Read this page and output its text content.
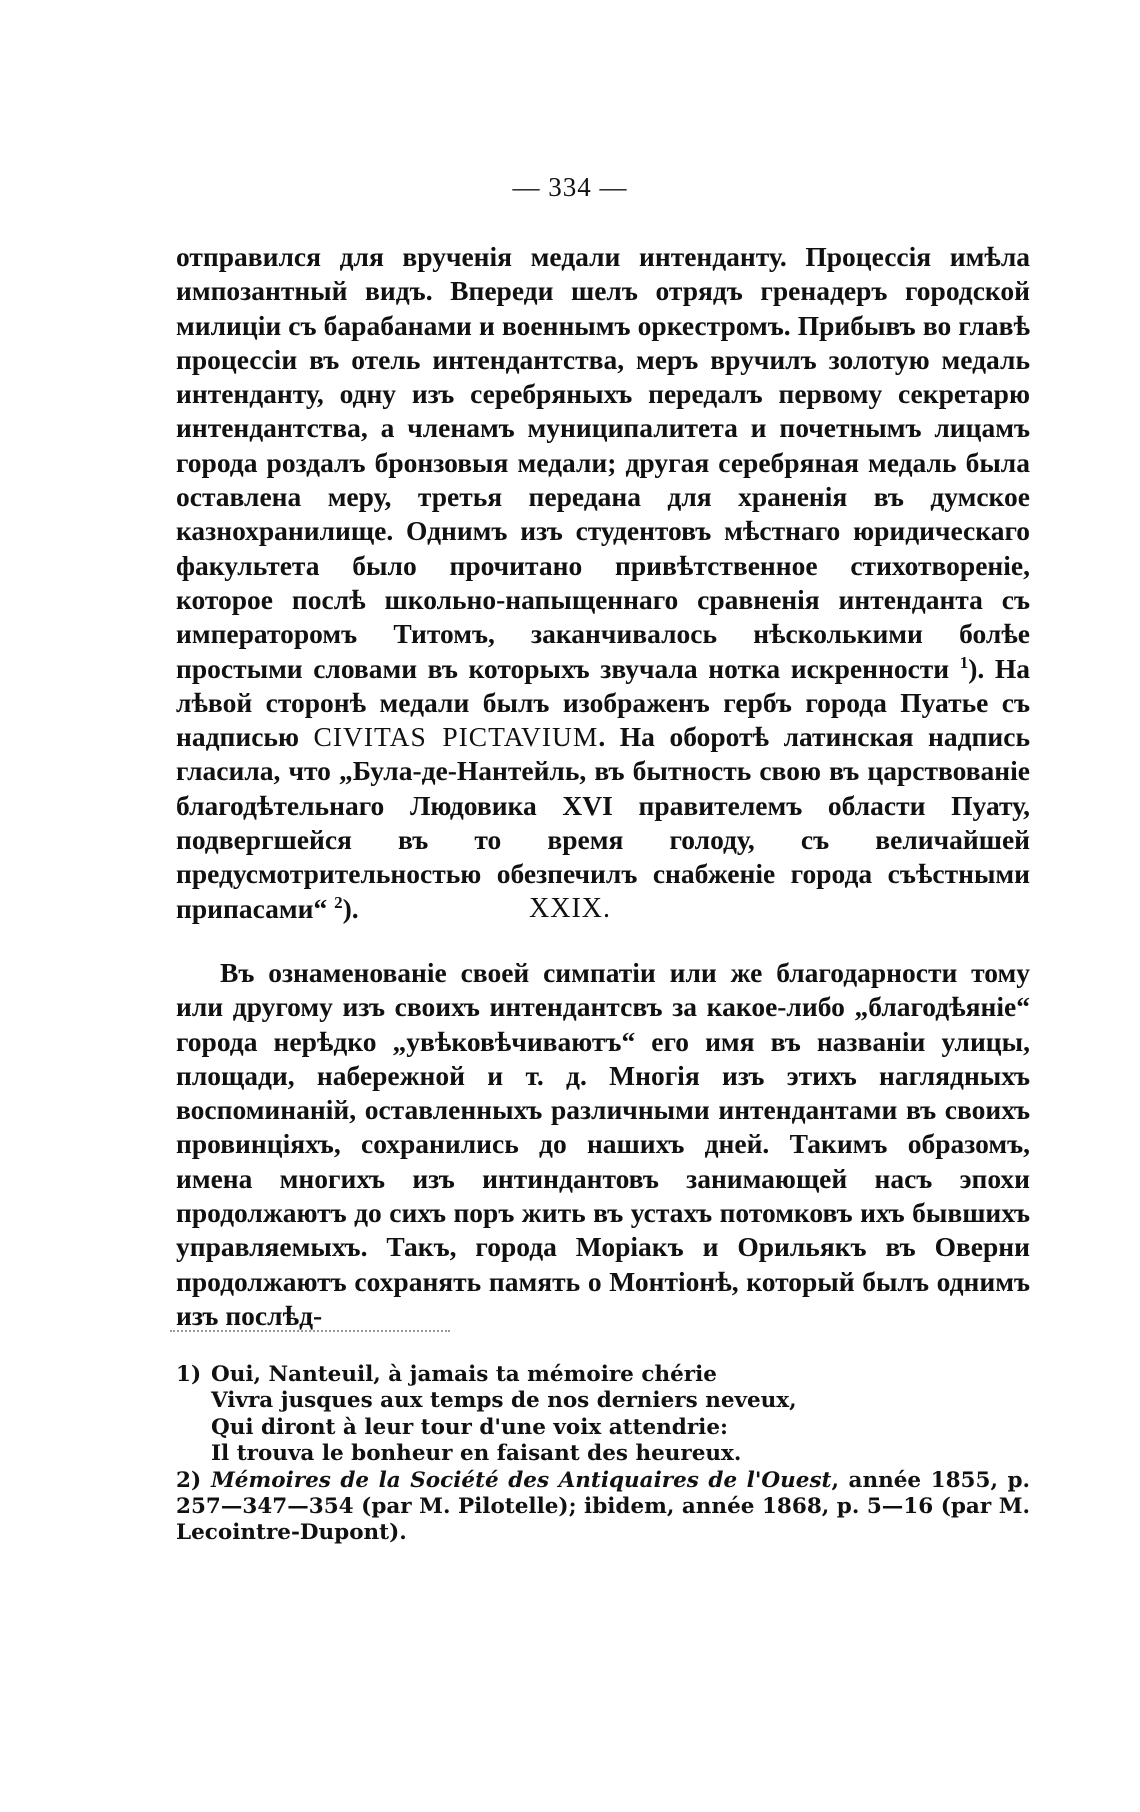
— 334 —

отправился для врученія медали интенданту. Процессія имѣла импозантный видъ. Впереди шелъ отрядъ гренадеръ городской милиціи съ барабанами и военнымъ оркестромъ. Прибывъ во главѣ процессіи въ отель интендантства, меръ вручилъ золотую медаль интенданту, одну изъ серебряныхъ передалъ первому секретарю интендантства, а членамъ муниципалитета и почетнымъ лицамъ города роздалъ бронзовыя медали; другая серебряная медаль была оставлена меру, третья передана для храненія въ думское казнохранилище. Однимъ изъ студентовъ мѣстнаго юридическаго факультета было прочитано привѣтственное стихотвореніе, которое послѣ школьно-напыщеннаго сравненія интенданта съ императоромъ Титомъ, заканчивалось нѣсколькими болѣе простыми словами въ которыхъ звучала нотка искренности $^1$). На лѣвой сторонѣ медали былъ изображенъ гербъ города Пуатье съ надписью CIVITAS PICTAVIUM. На оборотѣ латинская надпись гласила, что „Була-де-Нантейль, въ бытность свою въ царствованіе благодѣтельнаго Людовика XVI правителемъ области Пуату, подвергшейся въ то время голоду, съ величайшей предусмотрительностью обезпечилъ снабженіе города съѣстными припасами“ $^2$).	XXIX.

Въ ознаменованіе своей симпатіи или же благодарности тому или другому изъ своихъ интендантсвъ за какое-либо „благодѣяніе“ города нерѣдко „увѣковѣчиваютъ“ его имя въ названіи улицы, площади, набережной и т. д. Многія изъ этихъ наглядныхъ воспоминаній, оставленныхъ различными интендантами въ своихъ провинціяхъ, сохранились до нашихъ дней. Такимъ образомъ, имена многихъ изъ интиндантовъ занимающей насъ эпохи продолжаютъ до сихъ поръ жить въ устахъ потомковъ ихъ бывшихъ управляемыхъ. Такъ, города Моріакъ и Орильякъ въ Оверни продолжаютъ сохранять память о Монтіонѣ, который былъ однимъ изъ послѣд-

1) Oui, Nanteuil, à jamais ta mémoire chérie
Vivra jusques aux temps de nos derniers neveux,
Qui diront à leur tour d'une voix attendrie:
Il trouva le bonheur en faisant des heureux.
2) Mémoires de la Société des Antiquaires de l'Ouest, année 1855, p. 257—347—354 (par M. Pilotelle); ibidem, année 1868, p. 5—16 (par M. Lecointre-Dupont).
